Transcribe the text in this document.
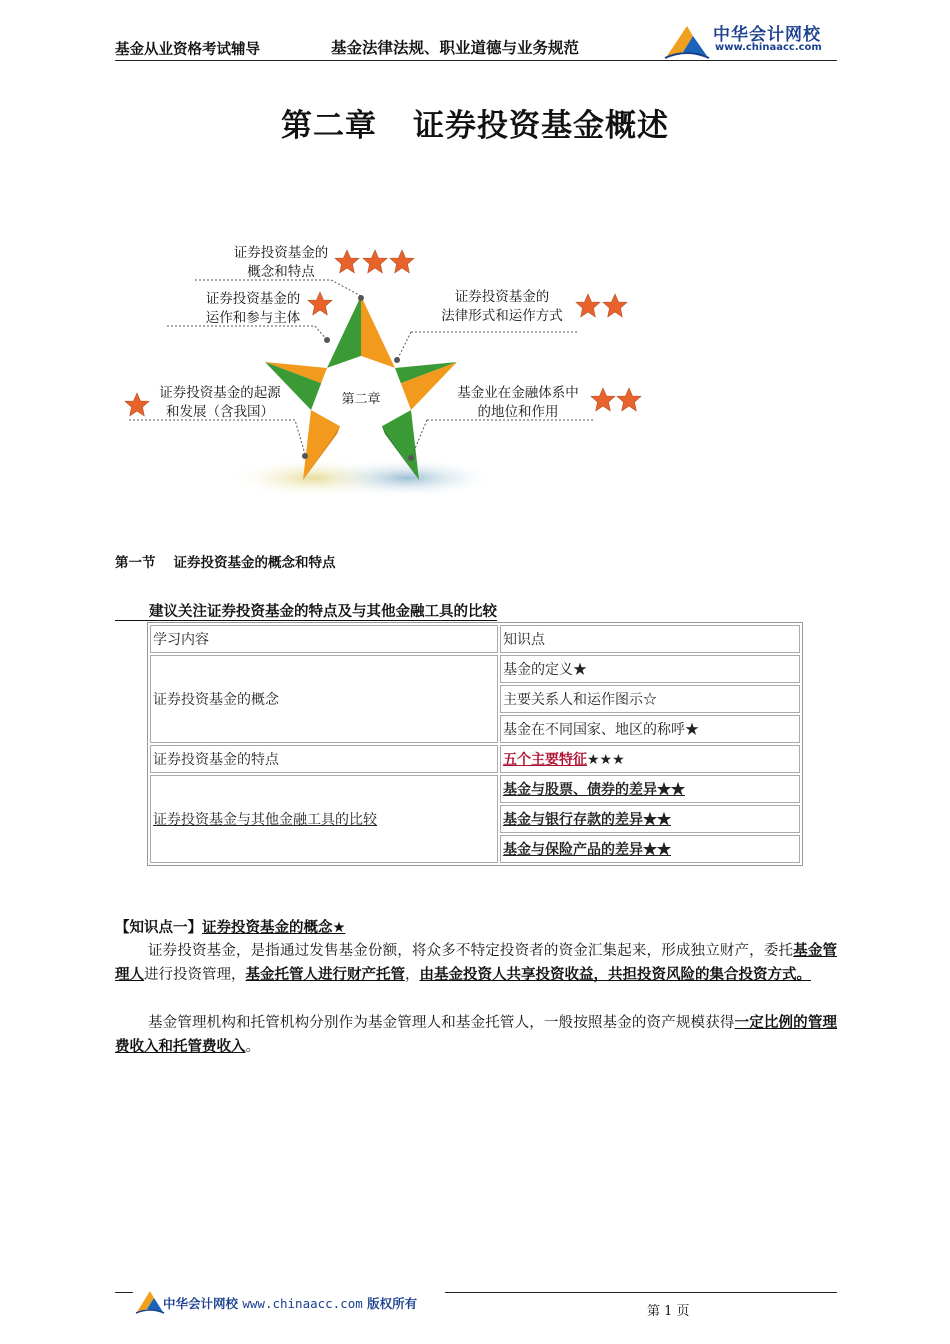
基金从业资格考试辅导	基金法律法规、职业道德与业务规范
中华会计网校
www.chinaacc.com
第二章 证券投资基金概述
证券投资基金的
概念和特点
证券投资基金的
运作和参与主体
证券投资基金的
法律形式和运作方式
证券投资基金的起源
和发展（含我国）
基金业在金融体系中
的地位和作用
第二章
第一节 证券投资基金的概念和特点
建议关注证券投资基金的特点及与其他金融工具的比较
学习内容	知识点
证券投资基金的概念	基金的定义★
	主要关系人和运作图示☆
	基金在不同国家、地区的称呼★
证券投资基金的特点	五个主要特征★★★
证券投资基金与其他金融工具的比较	基金与股票、债券的差异★★
	基金与银行存款的差异★★
	基金与保险产品的差异★★
【知识点一】证券投资基金的概念★
证券投资基金，是指通过发售基金份额，将众多不特定投资者的资金汇集起来，形成独立财产，委托基金管理人进行投资管理，基金托管人进行财产托管，由基金投资人共享投资收益，共担投资风险的集合投资方式。
基金管理机构和托管机构分别作为基金管理人和基金托管人，一般按照基金的资产规模获得一定比例的管理费收入和托管费收入。
中华会计网校 www.chinaacc.com 版权所有
第 1 页
